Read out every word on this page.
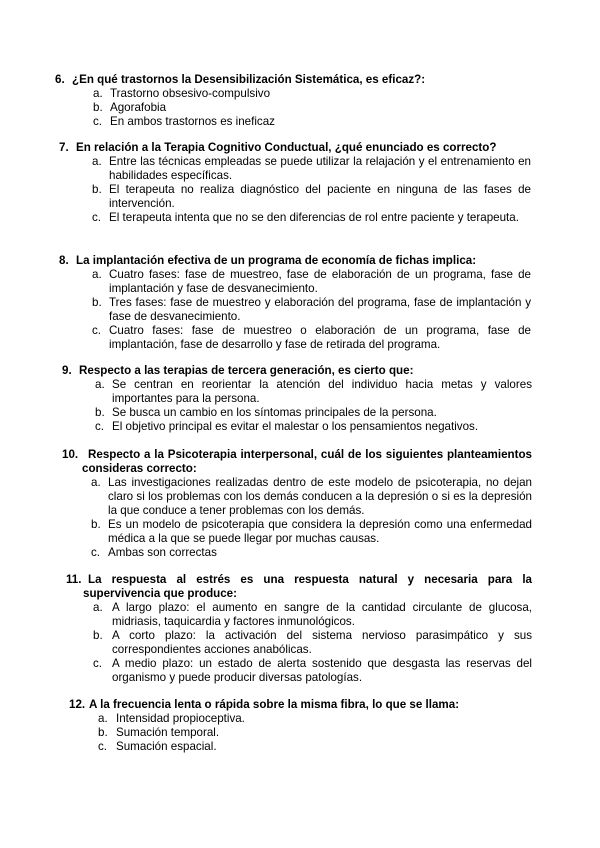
6. ¿En qué trastornos la Desensibilización Sistemática, es eficaz?:

a. Trastorno obsesivo-compulsivo
b. Agorafobia
c. En ambos trastornos es ineficaz

7. En relación a la Terapia Cognitivo Conductual, ¿qué enunciado es correcto?

a. Entre las técnicas empleadas se puede utilizar la relajación y el entrenamiento en habilidades específicas.
b. El terapeuta no realiza diagnóstico del paciente en ninguna de las fases de intervención.
c. El terapeuta intenta que no se den diferencias de rol entre paciente y terapeuta.

8. La implantación efectiva de un programa de economía de fichas implica:

a. Cuatro fases: fase de muestreo, fase de elaboración de un programa, fase de implantación y fase de desvanecimiento.
b. Tres fases: fase de muestreo y elaboración del programa, fase de implantación y fase de desvanecimiento.
c. Cuatro fases: fase de muestreo o elaboración de un programa, fase de implantación, fase de desarrollo y fase de retirada del programa.

9. Respecto a las terapias de tercera generación, es cierto que:

a. Se centran en reorientar la atención del individuo hacia metas y valores importantes para la persona.
b. Se busca un cambio en los síntomas principales de la persona.
c. El objetivo principal es evitar el malestar o los pensamientos negativos.

10. Respecto a la Psicoterapia interpersonal, cuál de los siguientes planteamientos consideras correcto:

a. Las investigaciones realizadas dentro de este modelo de psicoterapia, no dejan claro si los problemas con los demás conducen a la depresión o si es la depresión la que conduce a tener problemas con los demás.
b. Es un modelo de psicoterapia que considera la depresión como una enfermedad médica a la que se puede llegar por muchas causas.
c. Ambas son correctas

11. La respuesta al estrés es una respuesta natural y necesaria para la supervivencia que produce:

a. A largo plazo: el aumento en sangre de la cantidad circulante de glucosa, midriasis, taquicardia y factores inmunológicos.
b. A corto plazo: la activación del sistema nervioso parasimpático y sus correspondientes acciones anabólicas.
c. A medio plazo: un estado de alerta sostenido que desgasta las reservas del organismo y puede producir diversas patologías.

12. A la frecuencia lenta o rápida sobre la misma fibra, lo que se llama:

a. Intensidad propioceptiva.
b. Sumación temporal.
c. Sumación espacial.
